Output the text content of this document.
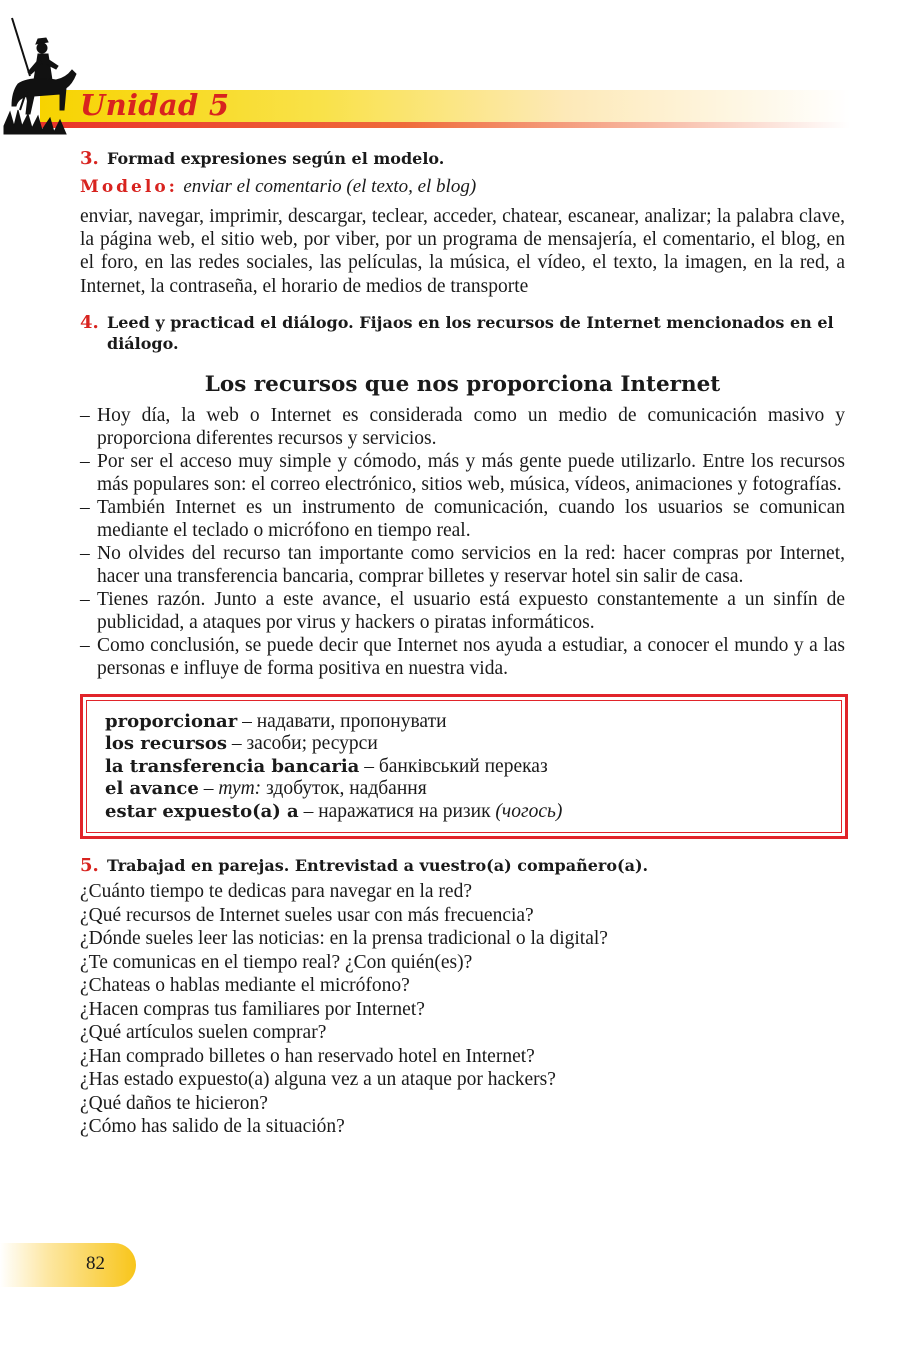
Unidad 5
3. Formad expresiones según el modelo.
Modelo: enviar el comentario (el texto, el blog)
enviar, navegar, imprimir, descargar, teclear, acceder, chatear, escanear, analizar; la palabra clave, la página web, el sitio web, por viber, por un programa de mensajería, el comentario, el blog, en el foro, en las redes sociales, las películas, la música, el vídeo, el texto, la imagen, en la red, a Internet, la contraseña, el horario de medios de transporte
4. Leed y practicad el diálogo. Fijaos en los recursos de Internet mencionados en el diálogo.
Los recursos que nos proporciona Internet
– Hoy día, la web o Internet es considerada como un medio de comunicación masivo y proporciona diferentes recursos y servicios.
– Por ser el acceso muy simple y cómodo, más y más gente puede utilizarlo. Entre los recursos más populares son: el correo electrónico, sitios web, música, vídeos, animaciones y fotografías.
– También Internet es un instrumento de comunicación, cuando los usuarios se comunican mediante el teclado o micrófono en tiempo real.
– No olvides del recurso tan importante como servicios en la red: hacer compras por Internet, hacer una transferencia bancaria, comprar billetes y reservar hotel sin salir de casa.
– Tienes razón. Junto a este avance, el usuario está expuesto constantemente a un sinfín de publicidad, a ataques por virus y hackers o piratas informáticos.
– Como conclusión, se puede decir que Internet nos ayuda a estudiar, a conocer el mundo y a las personas e influye de forma positiva en nuestra vida.
proporcionar – надавати, пропонувати
los recursos – засоби; ресурси
la transferencia bancaria – банківський переказ
el avance – тут: здобуток, надбання
estar expuesto(a) a – наражатися на ризик (чогось)
5. Trabajad en parejas. Entrevistad a vuestro(a) compañero(a).
¿Cuánto tiempo te dedicas para navegar en la red?
¿Qué recursos de Internet sueles usar con más frecuencia?
¿Dónde sueles leer las noticias: en la prensa tradicional o la digital?
¿Te comunicas en el tiempo real? ¿Con quién(es)?
¿Chateas o hablas mediante el micrófono?
¿Hacen compras tus familiares por Internet?
¿Qué artículos suelen comprar?
¿Han comprado billetes o han reservado hotel en Internet?
¿Has estado expuesto(a) alguna vez a un ataque por hackers?
¿Qué daños te hicieron?
¿Cómo has salido de la situación?
82
